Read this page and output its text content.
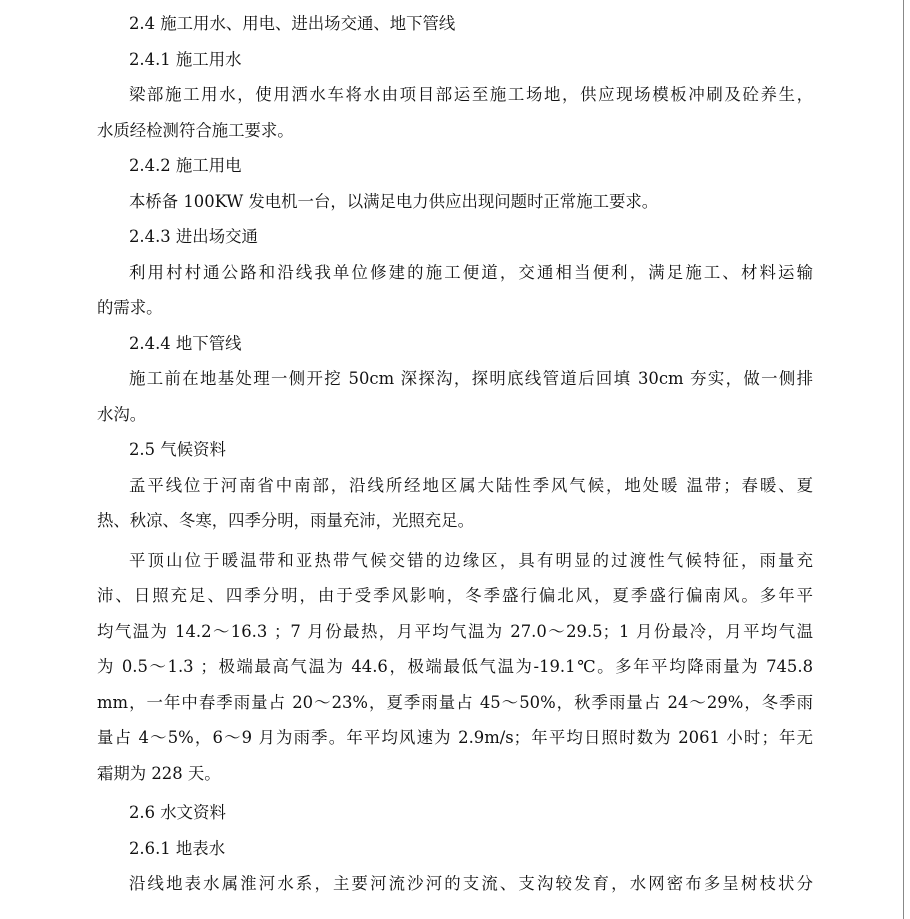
2.4 施工用水、用电、进出场交通、地下管线
2.4.1 施工用水
梁部施工用水，使用洒水车将水由项目部运至施工场地，供应现场模板冲刷及砼养生，
水质经检测符合施工要求。
2.4.2 施工用电
本桥备 100KW 发电机一台，以满足电力供应出现问题时正常施工要求。
2.4.3 进出场交通
利用村村通公路和沿线我单位修建的施工便道，交通相当便利，满足施工、材料运输
的需求。
2.4.4 地下管线
施工前在地基处理一侧开挖 50cm 深探沟，探明底线管道后回填 30cm 夯实，做一侧排
水沟。
2.5 气候资料
孟平线位于河南省中南部，沿线所经地区属大陆性季风气候，地处暖 温带；春暖、夏
热、秋凉、冬寒，四季分明，雨量充沛，光照充足。
平顶山位于暖温带和亚热带气候交错的边缘区，具有明显的过渡性气候特征，雨量充
沛、日照充足、四季分明，由于受季风影响，冬季盛行偏北风，夏季盛行偏南风。多年平
均气温为 14.2～16.3 ；7 月份最热，月平均气温为 27.0～29.5；1 月份最冷，月平均气温
为 0.5～1.3 ；极端最高气温为 44.6，极端最低气温为-19.1℃。多年平均降雨量为 745.8
mm，一年中春季雨量占 20～23%，夏季雨量占 45～50%，秋季雨量占 24～29%，冬季雨
量占 4～5%，6～9 月为雨季。年平均风速为 2.9m/s；年平均日照时数为 2061 小时；年无
霜期为 228 天。
2.6 水文资料
2.6.1 地表水
沿线地表水属淮河水系，主要河流沙河的支流、支沟较发育，水网密布多呈树枝状分
